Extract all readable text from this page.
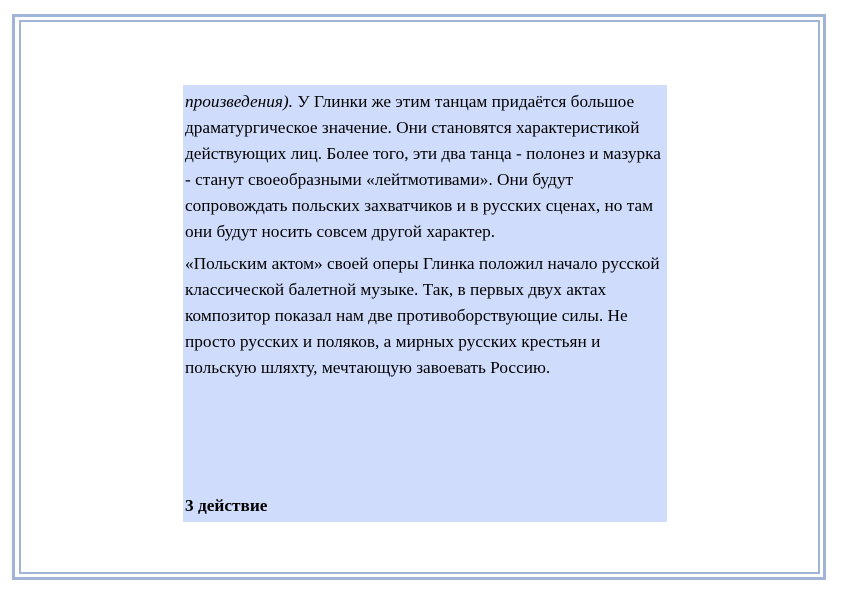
произведения). У Глинки же этим танцам придаётся большое драматургическое значение. Они становятся характеристикой действующих лиц. Более того, эти два танца - полонез и мазурка - станут своеобразными «лейтмотивами». Они будут сопровождать польских захватчиков и в русских сценах, но там они будут носить совсем другой характер.

«Польским актом» своей оперы Глинка положил начало русской классической балетной музыке. Так, в первых двух актах композитор показал нам две противоборствующие силы. Не просто русских и поляков, а мирных русских крестьян и польскую шляхту, мечтающую завоевать Россию.

3 действие
